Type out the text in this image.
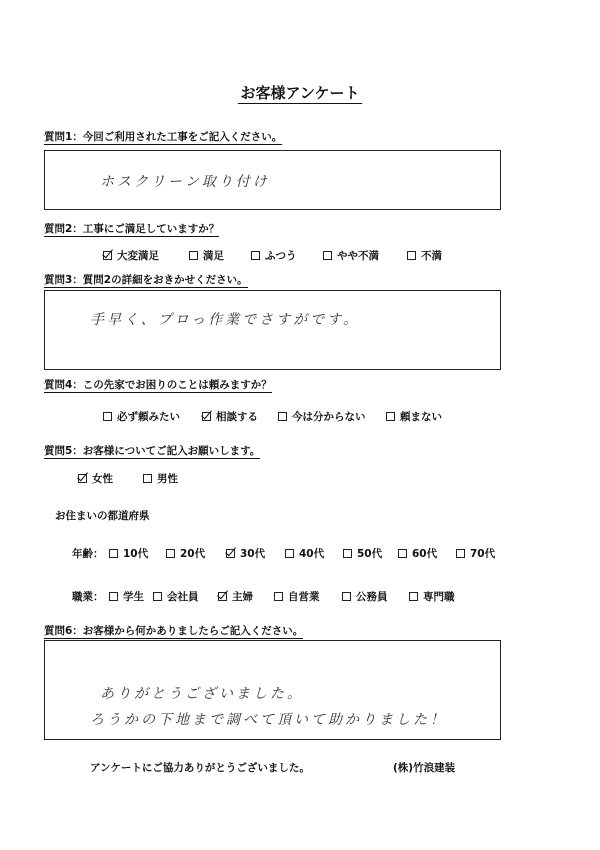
お客様アンケート
質問1：今回ご利用された工事をご記入ください。
ホスクリーン取り付け
質問2：工事にご満足していますか？
大変満足	満足	ふつう	やや不満	不満
質問3：質問2の詳細をおきかせください。
手早く、プロっ作業でさすがです。
質問4：この先家でお困りのことは頼みますか？
必ず頼みたい	相談する	今は分からない	頼まない
質問5：お客様についてご記入お願いします。
女性	男性
お住まいの都道府県
年齢： 10代	20代	30代	40代	50代	60代	70代
職業： 学生 会社員	主婦	自営業	公務員	専門職
質問6：お客様から何かありましたらご記入ください。
ありがとうございました。
ろうかの下地まで調べて頂いて助かりました！
アンケートにご協力ありがとうございました。	(株)竹浪建装
